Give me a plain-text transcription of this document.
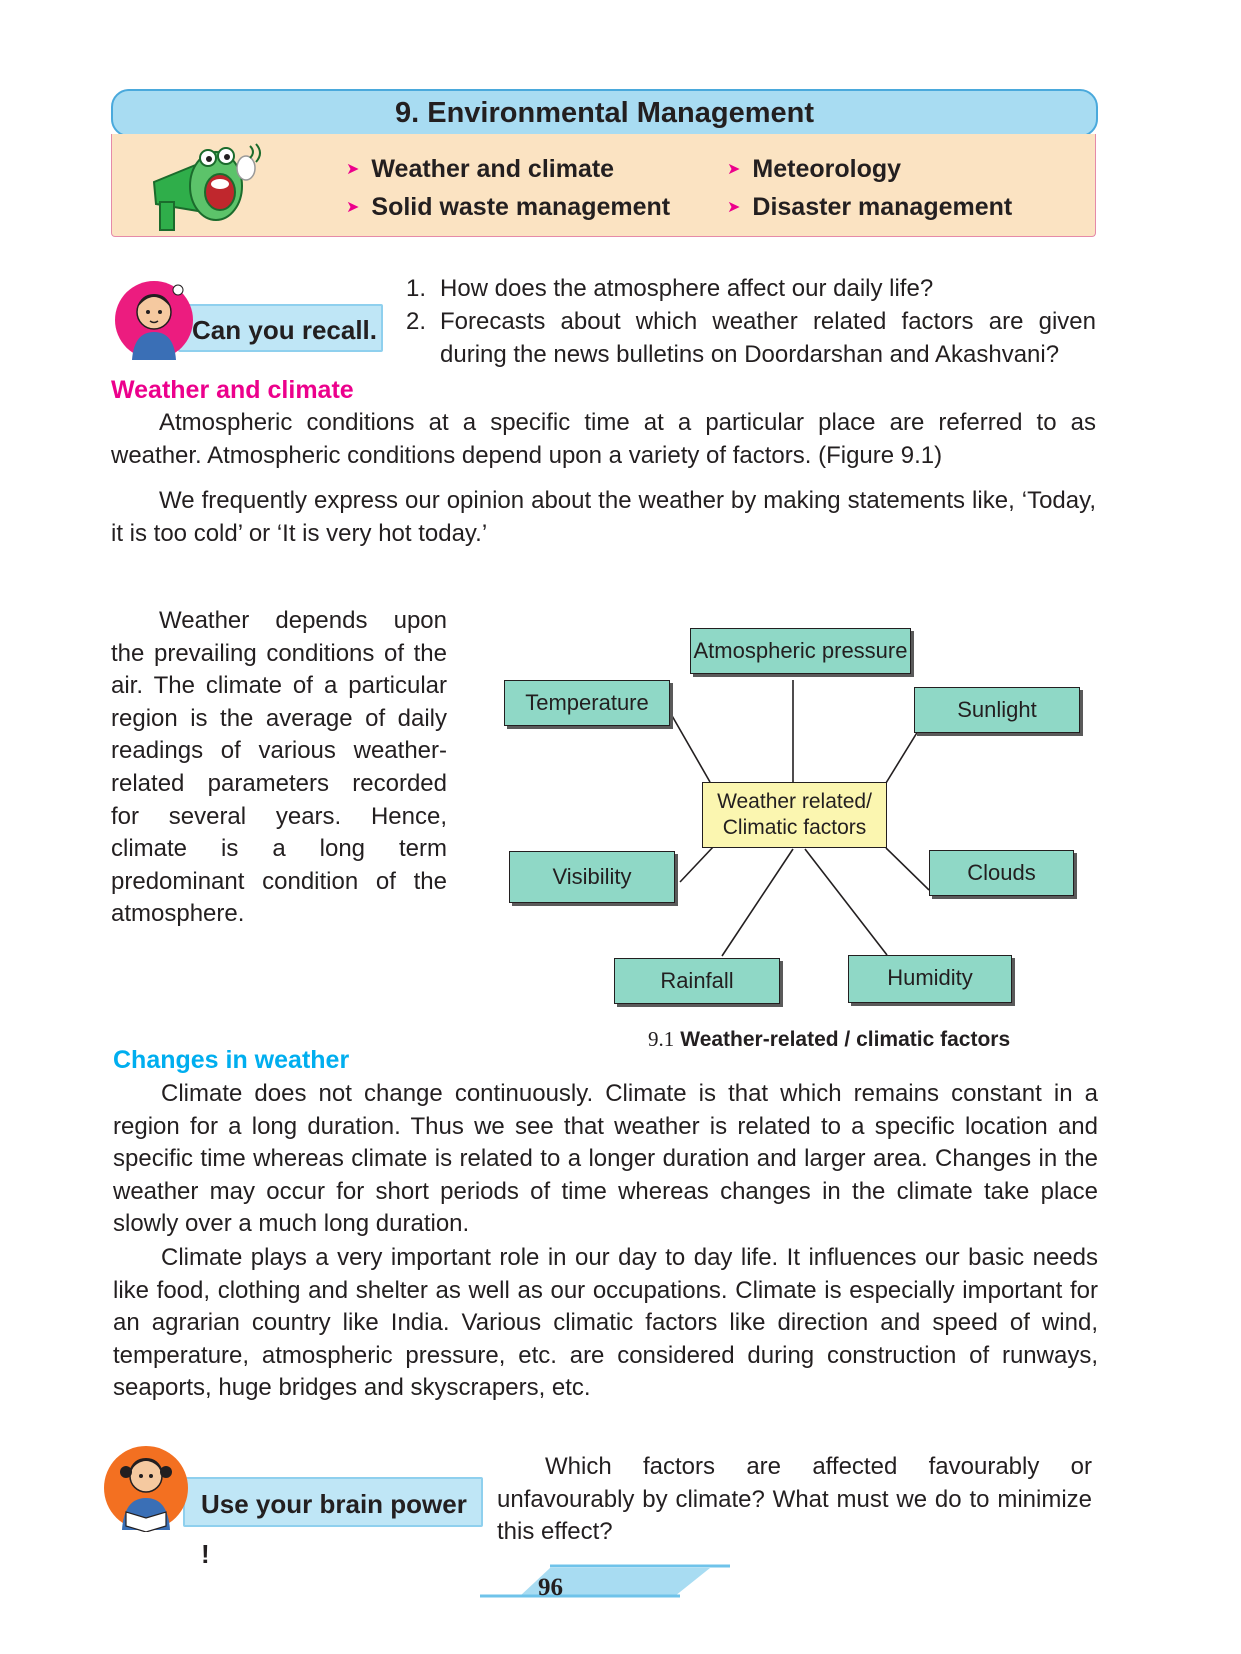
9. Environmental Management
➤ Weather and climate
➤ Solid waste management
➤ Meteorology
➤ Disaster management
Can you recall.
1. How does the atmosphere affect our daily life?
2. Forecasts about which weather related factors are given during the news bulletins on Doordarshan and Akashvani?
Weather and climate
Atmospheric conditions at a specific time at a particular place are referred to as weather. Atmospheric conditions depend upon a variety of factors. (Figure 9.1)
We frequently express our opinion about the weather by making statements like, ‘Today, it is too cold’ or ‘It is very hot today.’
Weather depends upon the prevailing conditions of the air. The climate of a particular region is the average of daily readings of various weather-related parameters recorded for several years. Hence, climate is a long term predominant condition of the atmosphere.
Atmospheric pressure
Temperature	Sunlight
Weather related/
Climatic factors
Visibility	Clouds
Rainfall	Humidity
9.1 Weather-related / climatic factors
Changes in weather
Climate does not change continuously. Climate is that which remains constant in a region for a long duration. Thus we see that weather is related to a specific location and specific time whereas climate is related to a longer duration and larger area. Changes in the weather may occur for short periods of time whereas changes in the climate take place slowly over a much long duration.
Climate plays a very important role in our day to day life. It influences our basic needs like food, clothing and shelter as well as our occupations. Climate is especially important for an agrarian country like India. Various climatic factors like direction and speed of wind, temperature, atmospheric pressure, etc. are considered during construction of runways, seaports, huge bridges and skyscrapers, etc.
Use your brain power !
Which factors are affected favourably or unfavourably by climate? What must we do to minimize this effect?
96
